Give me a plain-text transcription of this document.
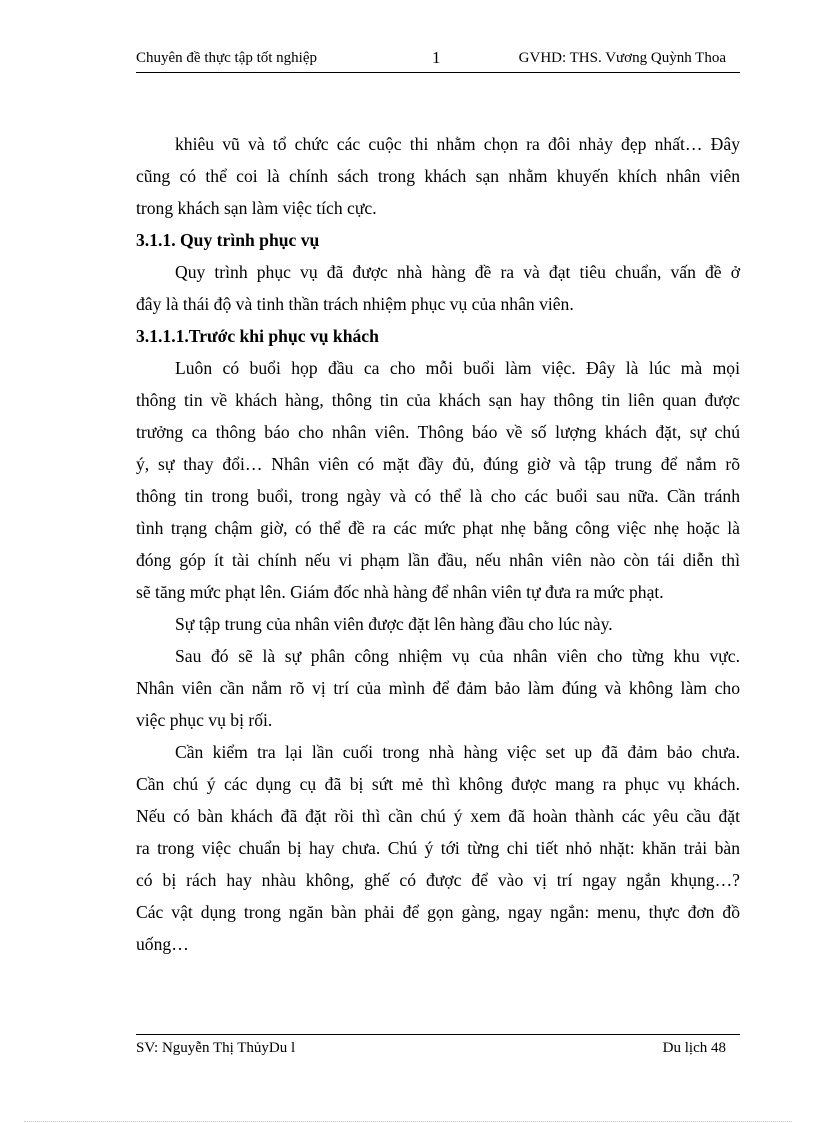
Chuyên đề thực tập tốt nghiệp	1	GVHD: THS. Vương Quỳnh Thoa
khiêu vũ và tổ chức các cuộc thi nhằm chọn ra đôi nhảy đẹp nhất… Đây
cũng có thể coi là chính sách trong khách sạn nhằm khuyến khích nhân viên
trong khách sạn làm việc tích cực.
3.1.1. Quy trình phục vụ
Quy trình phục vụ đã được nhà hàng đề ra và đạt tiêu chuẩn, vấn đề ở
đây là thái độ và tinh thần trách nhiệm phục vụ của nhân viên.
3.1.1.1.Trước khi phục vụ khách
Luôn có buổi họp đầu ca cho mỗi buổi làm việc. Đây là lúc mà mọi
thông tin về khách hàng, thông tin của khách sạn hay thông tin liên quan được
trưởng ca thông báo cho nhân viên. Thông báo về số lượng khách đặt, sự chú
ý, sự thay đổi… Nhân viên có mặt đầy đủ, đúng giờ và tập trung để nắm rõ
thông tin trong buổi, trong ngày và có thể là cho các buổi sau nữa. Cần tránh
tình trạng chậm giờ, có thể đề ra các mức phạt nhẹ bằng công việc nhẹ hoặc là
đóng góp ít tài chính nếu vi phạm lần đầu, nếu nhân viên nào còn tái diễn thì
sẽ tăng mức phạt lên. Giám đốc nhà hàng để nhân viên tự đưa ra mức phạt.
Sự tập trung của nhân viên được đặt lên hàng đầu cho lúc này.
Sau đó sẽ là sự phân công nhiệm vụ của nhân viên cho từng khu vực.
Nhân viên cần nắm rõ vị trí của mình để đảm bảo làm đúng và không làm cho
việc phục vụ bị rối.
Cần kiểm tra lại lần cuối trong nhà hàng việc set up đã đảm bảo chưa.
Cần chú ý các dụng cụ đã bị sứt mẻ thì không được mang ra phục vụ khách.
Nếu có bàn khách đã đặt rồi thì cần chú ý xem đã hoàn thành các yêu cầu đặt
ra trong việc chuẩn bị hay chưa. Chú ý tới từng chi tiết nhỏ nhặt: khăn trải bàn
có bị rách hay nhàu không, ghế có được để vào vị trí ngay ngắn khụng…?
Các vật dụng trong ngăn bàn phải để gọn gàng, ngay ngắn: menu, thực đơn đồ
uống…
SV: Nguyễn Thị ThủyDu l	Du lịch 48
